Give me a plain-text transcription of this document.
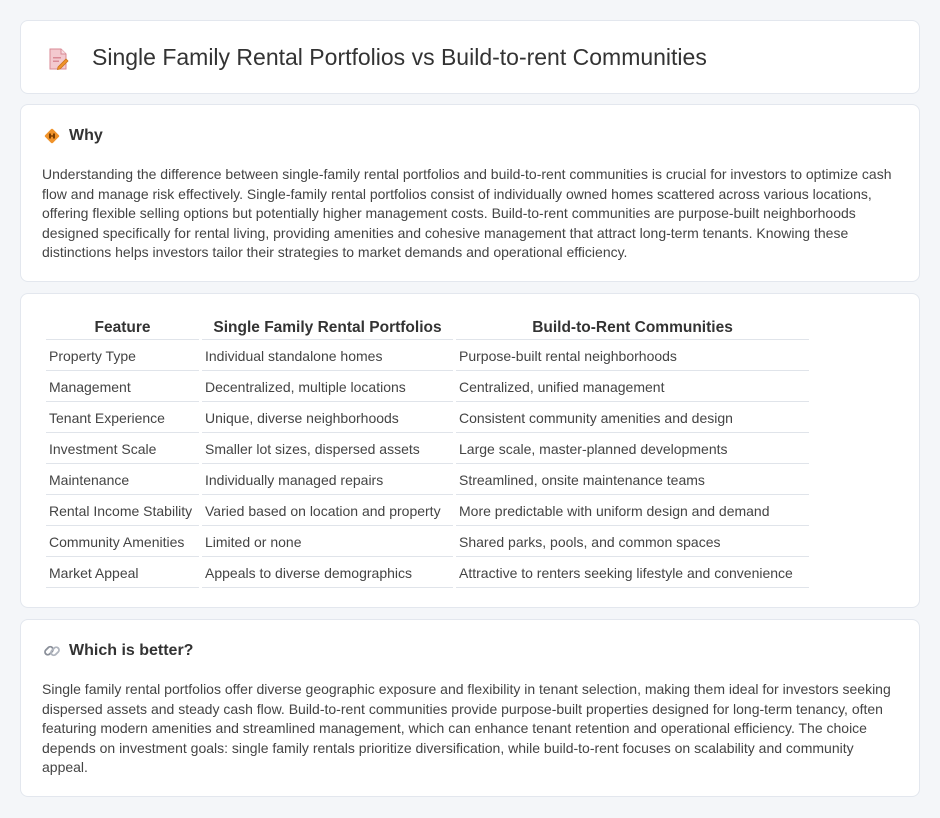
Single Family Rental Portfolios vs Build-to-rent Communities
Why

Understanding the difference between single-family rental portfolios and build-to-rent communities is crucial for investors to optimize cash flow and manage risk effectively. Single-family rental portfolios consist of individually owned homes scattered across various locations, offering flexible selling options but potentially higher management costs. Build-to-rent communities are purpose-built neighborhoods designed specifically for rental living, providing amenities and cohesive management that attract long-term tenants. Knowing these distinctions helps investors tailor their strategies to market demands and operational efficiency.

Feature	Single Family Rental Portfolios	Build-to-Rent Communities
Property Type	Individual standalone homes	Purpose-built rental neighborhoods
Management	Decentralized, multiple locations	Centralized, unified management
Tenant Experience	Unique, diverse neighborhoods	Consistent community amenities and design
Investment Scale	Smaller lot sizes, dispersed assets	Large scale, master-planned developments
Maintenance	Individually managed repairs	Streamlined, onsite maintenance teams
Rental Income Stability	Varied based on location and property	More predictable with uniform design and demand
Community Amenities	Limited or none	Shared parks, pools, and common spaces
Market Appeal	Appeals to diverse demographics	Attractive to renters seeking lifestyle and convenience
Which is better?

Single family rental portfolios offer diverse geographic exposure and flexibility in tenant selection, making them ideal for investors seeking dispersed assets and steady cash flow. Build-to-rent communities provide purpose-built properties designed for long-term tenancy, often featuring modern amenities and streamlined management, which can enhance tenant retention and operational efficiency. The choice depends on investment goals: single family rentals prioritize diversification, while build-to-rent focuses on scalability and community appeal.
